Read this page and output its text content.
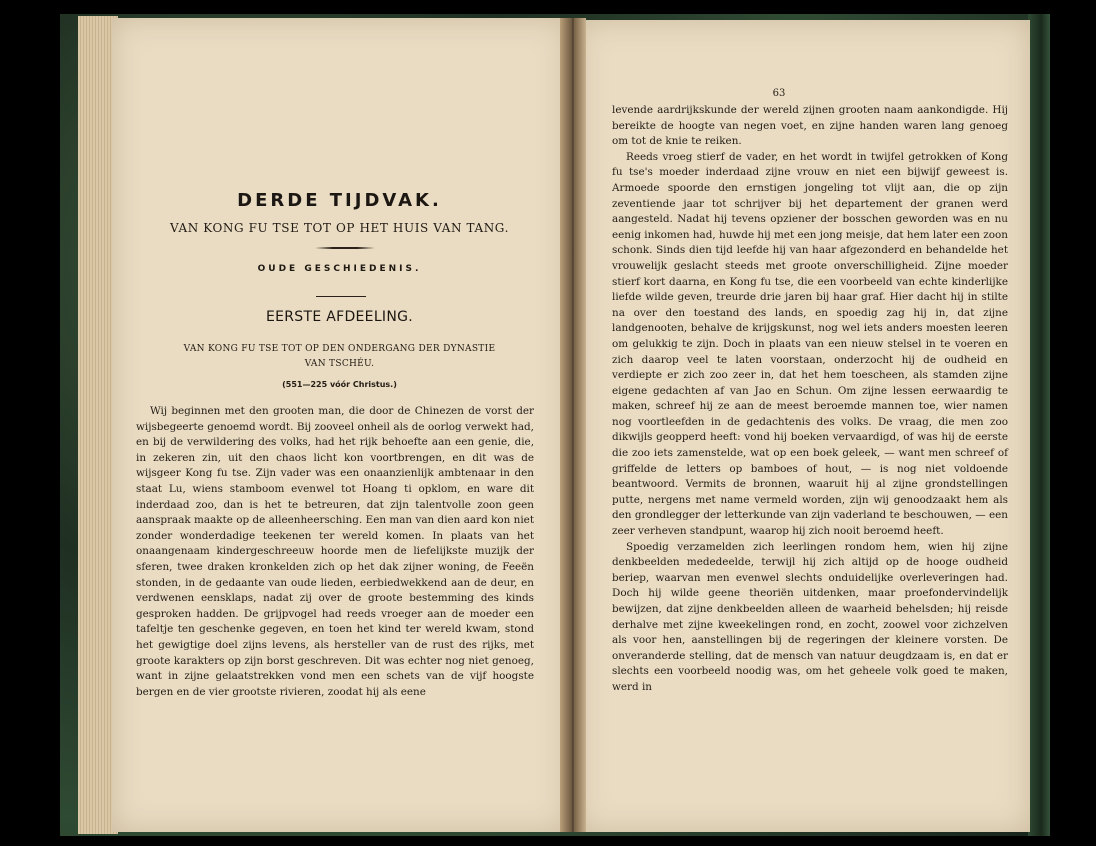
DERDE TIJDVAK.
VAN KONG FU TSE TOT OP HET HUIS VAN TANG.
OUDE GESCHIEDENIS.
EERSTE AFDEELING.
VAN KONG FU TSE TOT OP DEN ONDERGANG DER DYNASTIE
VAN TSCHÉU.
(551—225 vóór Christus.)

Wij beginnen met den grooten man, die door de Chinezen de vorst der wijsbegeerte genoemd wordt. Bij zooveel onheil als de oorlog verwekt had, en bij de verwildering des volks, had het rijk behoefte aan een genie, die, in zekeren zin, uit den chaos licht kon voortbrengen, en dit was de wijsgeer Kong fu tse. Zijn vader was een onaanzienlijk ambtenaar in den staat Lu, wiens stamboom evenwel tot Hoang ti opklom, en ware dit inderdaad zoo, dan is het te betreuren, dat zijn talentvolle zoon geen aanspraak maakte op de alleenheersching. Een man van dien aard kon niet zonder wonderdadige teekenen ter wereld komen. In plaats van het onaangenaam kindergeschreeuw hoorde men de liefelijkste muzijk der sferen, twee draken kronkelden zich op het dak zijner woning, de Feeën stonden, in de gedaante van oude lieden, eerbiedwekkend aan de deur, en verdwenen eensklaps, nadat zij over de groote bestemming des kinds gesproken hadden. De grijpvogel had reeds vroeger aan de moeder een tafeltje ten geschenke gegeven, en toen het kind ter wereld kwam, stond het gewigtige doel zijns levens, als hersteller van de rust des rijks, met groote karakters op zijn borst geschreven. Dit was echter nog niet genoeg, want in zijne gelaatstrekken vond men een schets van de vijf hoogste bergen en de vier grootste rivieren, zoodat hij als eene

63

levende aardrijkskunde der wereld zijnen grooten naam aankondigde. Hij bereikte de hoogte van negen voet, en zijne handen waren lang genoeg om tot de knie te reiken.

Reeds vroeg stierf de vader, en het wordt in twijfel getrokken of Kong fu tse's moeder inderdaad zijne vrouw en niet een bijwijf geweest is. Armoede spoorde den ernstigen jongeling tot vlijt aan, die op zijn zeventiende jaar tot schrijver bij het departement der granen werd aangesteld. Nadat hij tevens opziener der bosschen geworden was en nu eenig inkomen had, huwde hij met een jong meisje, dat hem later een zoon schonk. Sinds dien tijd leefde hij van haar afgezonderd en behandelde het vrouwelijk geslacht steeds met groote onverschilligheid. Zijne moeder stierf kort daarna, en Kong fu tse, die een voorbeeld van echte kinderlijke liefde wilde geven, treurde drie jaren bij haar graf. Hier dacht hij in stilte na over den toestand des lands, en spoedig zag hij in, dat zijne landgenooten, behalve de krijgskunst, nog wel iets anders moesten leeren om gelukkig te zijn. Doch in plaats van een nieuw stelsel in te voeren en zich daarop veel te laten voorstaan, onderzocht hij de oudheid en verdiepte er zich zoo zeer in, dat het hem toescheen, als stamden zijne eigene gedachten af van Jao en Schun. Om zijne lessen eerwaardig te maken, schreef hij ze aan de meest beroemde mannen toe, wier namen nog voortleefden in de gedachtenis des volks. De vraag, die men zoo dikwijls geopperd heeft: vond hij boeken vervaardigd, of was hij de eerste die zoo iets zamenstelde, wat op een boek geleek, — want men schreef of griffelde de letters op bamboes of hout, — is nog niet voldoende beantwoord. Vermits de bronnen, waaruit hij al zijne grondstellingen putte, nergens met name vermeld worden, zijn wij genoodzaakt hem als den grondlegger der letterkunde van zijn vaderland te beschouwen, — een zeer verheven standpunt, waarop hij zich nooit beroemd heeft.

Spoedig verzamelden zich leerlingen rondom hem, wien hij zijne denkbeelden mededeelde, terwijl hij zich altijd op de hooge oudheid beriep, waarvan men evenwel slechts onduidelijke overleveringen had. Doch hij wilde geene theoriën uitdenken, maar proefondervindelijk bewijzen, dat zijne denkbeelden alleen de waarheid behelsden; hij reisde derhalve met zijne kweekelingen rond, en zocht, zoowel voor zichzelven als voor hen, aanstellingen bij de regeringen der kleinere vorsten. De onveranderde stelling, dat de mensch van natuur deugdzaam is, en dat er slechts een voorbeeld noodig was, om het geheele volk goed te maken, werd in
